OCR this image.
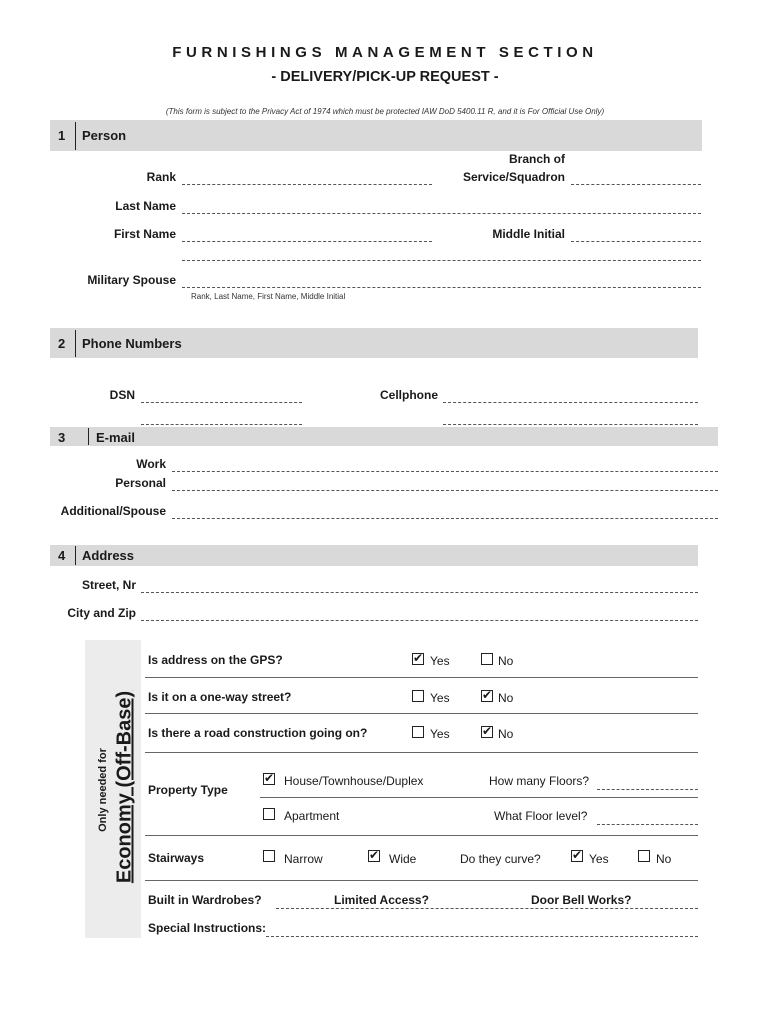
FURNISHINGS MANAGEMENT SECTION
- DELIVERY/PICK-UP REQUEST -
(This form is subject to the Privacy Act of 1974 which must be protected IAW DoD 5400.11 R, and it is For Official Use Only)
1 Person
Rank
Branch of
Service/Squadron
Last Name
First Name	Middle Initial
Military Spouse
Rank, Last Name, First Name, Middle Initial
2 Phone Numbers
DSN	Cellphone
3 E-mail
Work
Personal
Additional/Spouse
4 Address
Street, Nr
City and Zip
Only needed for Economy (Off-Base)
Is address on the GPS?	✔ Yes	No
Is it on a one-way street?	Yes	✔ No
Is there a road construction going on?	Yes	✔ No
Property Type
✔ House/Townhouse/Duplex	How many Floors?
Apartment	What Floor level?
Stairways	Narrow	✔ Wide	Do they curve?	✔ Yes	No
Built in Wardrobes?	Limited Access?	Door Bell Works?
Special Instructions:
